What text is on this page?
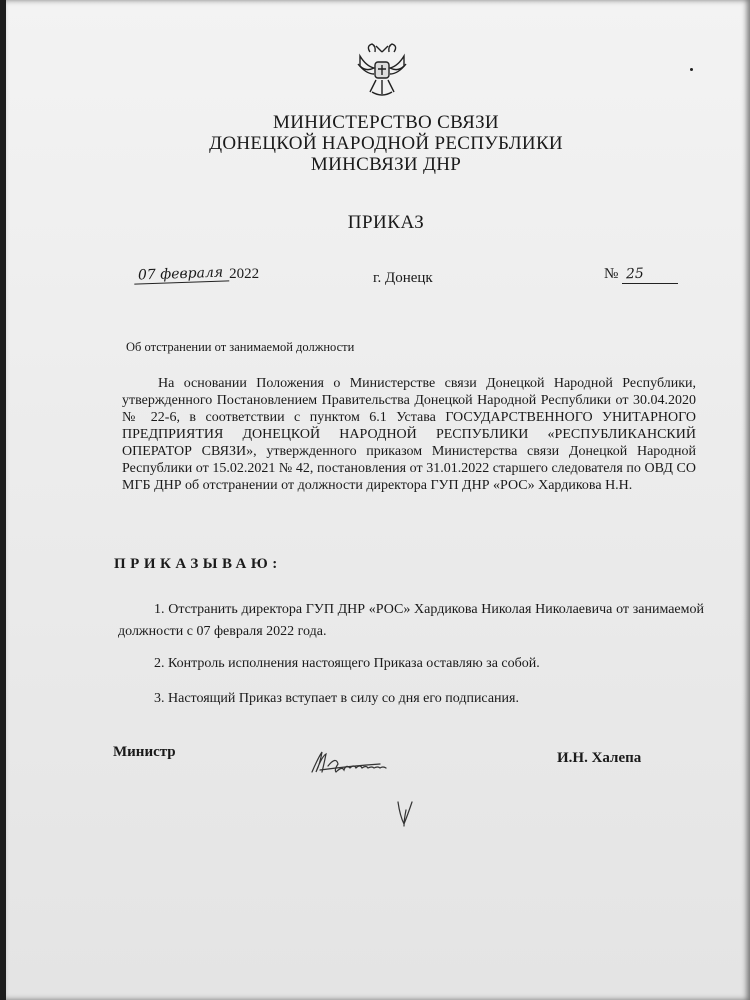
МИНИСТЕРСТВО СВЯЗИ
ДОНЕЦКОЙ НАРОДНОЙ РЕСПУБЛИКИ
МИНСВЯЗИ ДНР
ПРИКАЗ
07 февраля 2022	г. Донецк	№ 25
Об отстранении от занимаемой должности
На основании Положения о Министерстве связи Донецкой Народной Республики, утвержденного Постановлением Правительства Донецкой Народной Республики от 30.04.2020 № 22-6, в соответствии с пунктом 6.1 Устава ГОСУДАРСТВЕННОГО УНИТАРНОГО ПРЕДПРИЯТИЯ ДОНЕЦКОЙ НАРОДНОЙ РЕСПУБЛИКИ «РЕСПУБЛИКАНСКИЙ ОПЕРАТОР СВЯЗИ», утвержденного приказом Министерства связи Донецкой Народной Республики от 15.02.2021 № 42, постановления от 31.01.2022 старшего следователя по ОВД СО МГБ ДНР об отстранении от должности директора ГУП ДНР «РОС» Хардикова Н.Н.
ПРИКАЗЫВАЮ:
1. Отстранить директора ГУП ДНР «РОС» Хардикова Николая Николаевича от занимаемой должности с 07 февраля 2022 года.
2. Контроль исполнения настоящего Приказа оставляю за собой.
3. Настоящий Приказ вступает в силу со дня его подписания.
Министр	И.Н. Халепа
